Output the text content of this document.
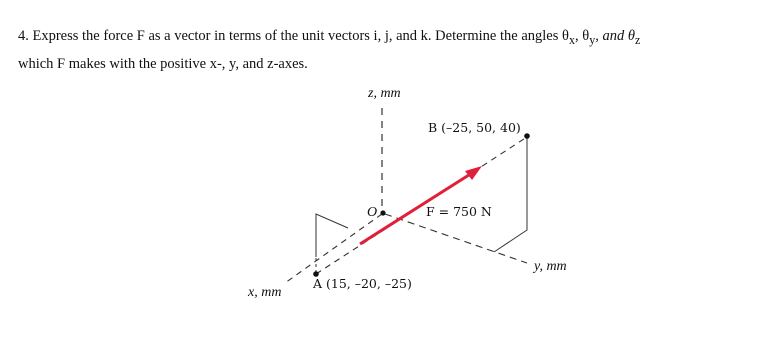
4. Express the force F as a vector in terms of the unit vectors i, j, and k. Determine the angles $\theta_x$, $\theta_y$, and $\theta_z$
which F makes with the positive x-, y, and z-axes.
z, mm
x, mm
y, mm
O
B (–25, 50, 40)
A (15, –20, –25)
F = 750 N
